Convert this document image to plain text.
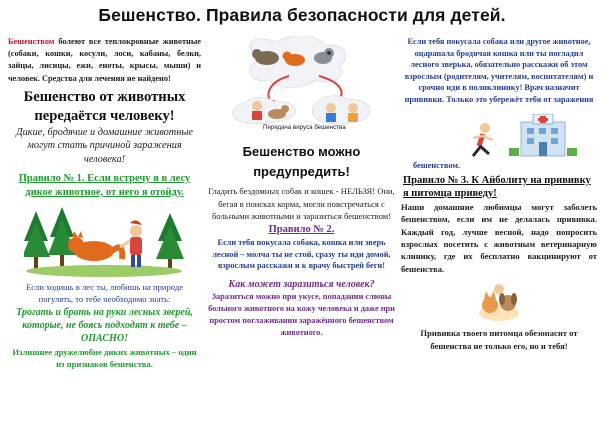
Бешенство. Правила безопасности для детей.

Бешенством болеют все теплокровные животные (собаки, кошки, косули, лоси, кабаны, белки, зайцы, лисицы, ежи, еноты, крысы, мыши) и человек. Средства для лечения не найдено!

Бешенство от животных передаётся человеку!

Дикие, бродячие и домашние животные могут стать причиной заражения человека!

Правило № 1. Если встречу я в лесу дикое животное, от него я отойду.

Если ходишь в лес ты, любишь на природе погулять, то тебе необходимо знать:

Трогать и брать на руки лесных зверей, которые, не боясь подходят к тебе – ОПАСНО!

Излишнее дружелюбие диких животных – один из признаков бешенства.

Передача вируса бешенства

Бешенство можно предупредить!

Гладить бездомных собак и кошек - НЕЛЬЗЯ! Они, бегая в поисках корма, могли повстречаться с больными животными и заразиться бешенством!

Правило № 2.

Если тебя покусала собака, кошка или зверь лесной – молча ты не стой, сразу ты иди домой, взрослым расскажи и к врачу быстрей беги!

Как может заразиться человек?

Заразиться можно при укусе, попадании слюны больного животного на кожу человека и даже при простом поглаживании заражённого бешенством животного.

Если тебя покусала собака или другое животное, оцарапала бродячая кошка или ты погладил лесного зверька, обязательно расскажи об этом взрослым (родителям, учителям, воспитателям) и срочно иди в поликлинику! Врач назначит прививки. Только это убережёт тебя от заражения

бешенством.

Правило № 3. К Айболиту на прививку я питомца приведу!

Наши домашние любимцы могут заболеть бешенством, если им не делалась прививка. Каждый год, лучше весной, надо попросить взрослых посетить с животным ветеринарную клинику, где их бесплатно вакцинируют от бешенства.

Прививка твоего питомца обезопасит от бешенства не только его, но и тебя!
